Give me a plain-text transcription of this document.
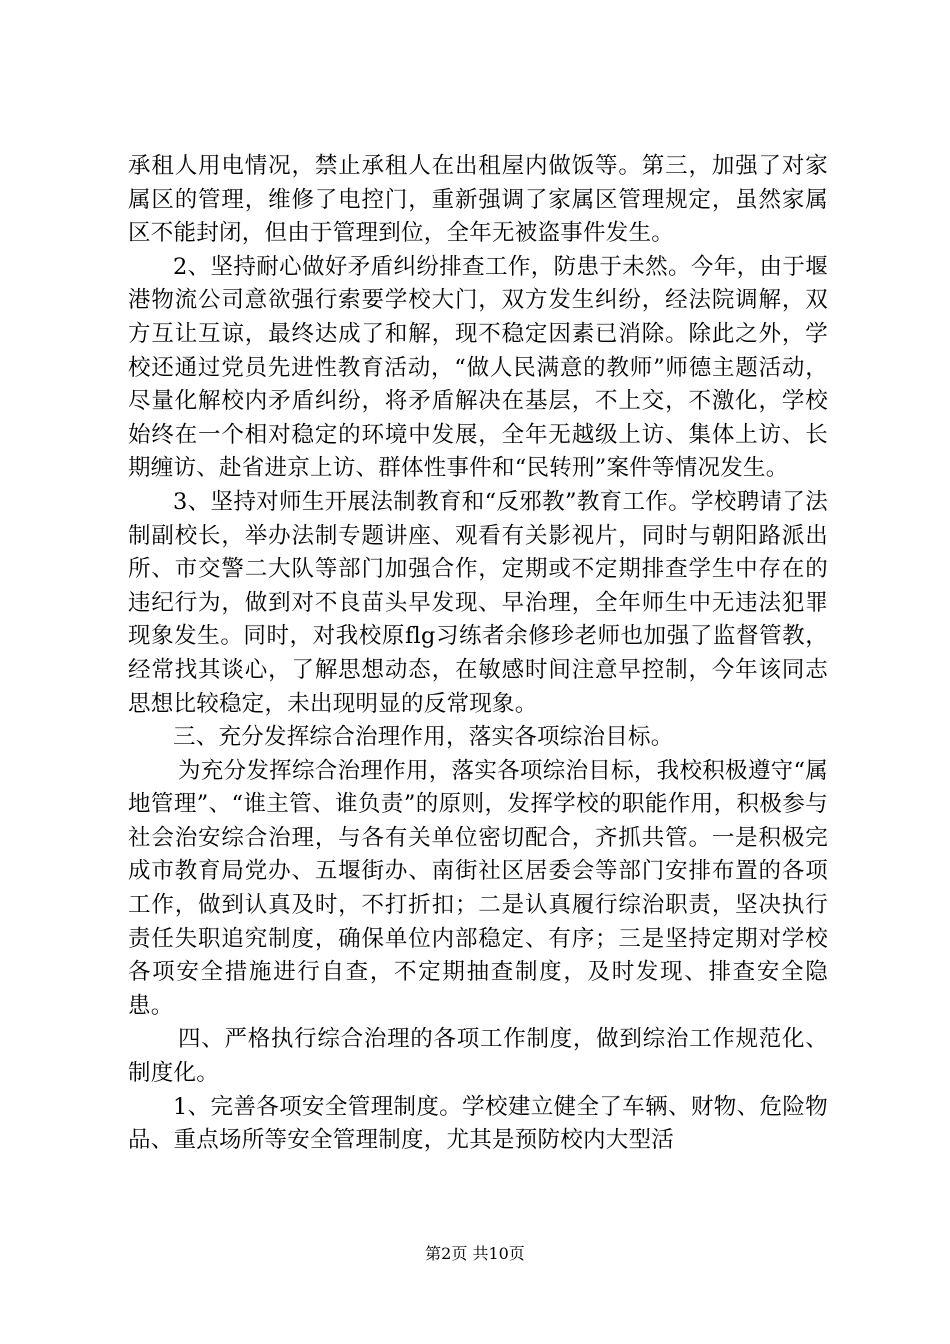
承租人用电情况，禁止承租人在出租屋内做饭等。第三，加强了对家属区的管理，维修了电控门，重新强调了家属区管理规定，虽然家属区不能封闭，但由于管理到位，全年无被盗事件发生。

2、坚持耐心做好矛盾纠纷排查工作，防患于未然。今年，由于堰港物流公司意欲强行索要学校大门，双方发生纠纷，经法院调解，双方互让互谅，最终达成了和解，现不稳定因素已消除。除此之外，学校还通过党员先进性教育活动，“做人民满意的教师”师德主题活动，尽量化解校内矛盾纠纷，将矛盾解决在基层，不上交，不激化，学校始终在一个相对稳定的环境中发展，全年无越级上访、集体上访、长期缠访、赴省进京上访、群体性事件和“民转刑”案件等情况发生。

3、坚持对师生开展法制教育和“反邪教”教育工作。学校聘请了法制副校长，举办法制专题讲座、观看有关影视片，同时与朝阳路派出所、市交警二大队等部门加强合作，定期或不定期排查学生中存在的违纪行为，做到对不良苗头早发现、早治理，全年师生中无违法犯罪现象发生。同时，对我校原flg习练者余修珍老师也加强了监督管教，经常找其谈心，了解思想动态，在敏感时间注意早控制，今年该同志思想比较稳定，未出现明显的反常现象。

三、充分发挥综合治理作用，落实各项综治目标。

为充分发挥综合治理作用，落实各项综治目标，我校积极遵守“属地管理”、“谁主管、谁负责”的原则，发挥学校的职能作用，积极参与社会治安综合治理，与各有关单位密切配合，齐抓共管。一是积极完成市教育局党办、五堰街办、南街社区居委会等部门安排布置的各项工作，做到认真及时，不打折扣；二是认真履行综治职责，坚决执行责任失职追究制度，确保单位内部稳定、有序；三是坚持定期对学校各项安全措施进行自查，不定期抽查制度，及时发现、排查安全隐患。

四、严格执行综合治理的各项工作制度，做到综治工作规范化、制度化。

1、完善各项安全管理制度。学校建立健全了车辆、财物、危险物品、重点场所等安全管理制度，尤其是预防校内大型活

第2页 共10页
